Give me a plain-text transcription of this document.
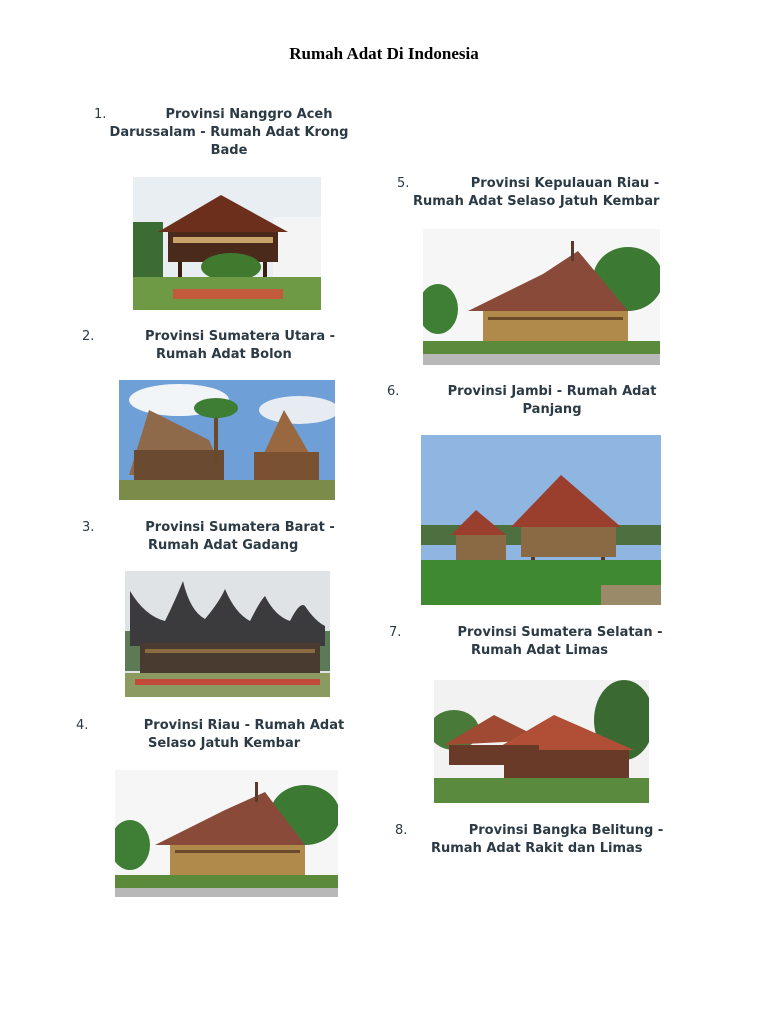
Rumah Adat Di Indonesia
1.	Provinsi Nanggro Aceh
Darussalam - Rumah Adat Krong
Bade
2.	Provinsi Sumatera Utara -
Rumah Adat Bolon
3.	Provinsi Sumatera Barat -
Rumah Adat Gadang
4.	Provinsi Riau - Rumah Adat
Selaso Jatuh Kembar
5.	Provinsi Kepulauan Riau -
Rumah Adat Selaso Jatuh Kembar
6.	Provinsi Jambi - Rumah Adat
Panjang
7.	Provinsi Sumatera Selatan -
Rumah Adat Limas
8.	Provinsi Bangka Belitung -
Rumah Adat Rakit dan Limas
